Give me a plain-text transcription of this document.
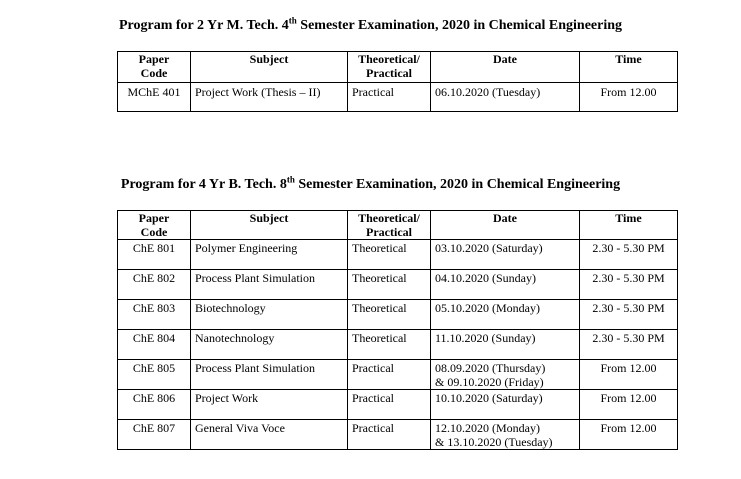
Program for 2 Yr M. Tech. 4th Semester Examination, 2020 in Chemical Engineering
Paper
Code	Subject	Theoretical/
Practical	Date	Time
MChE 401	Project Work (Thesis – II)	Practical	06.10.2020 (Tuesday)	From 12.00
Program for 4 Yr B. Tech. 8th Semester Examination, 2020 in Chemical Engineering
Paper
Code	Subject	Theoretical/
Practical	Date	Time
ChE 801	Polymer Engineering	Theoretical	03.10.2020 (Saturday)	2.30 - 5.30 PM
ChE 802	Process Plant Simulation	Theoretical	04.10.2020 (Sunday)	2.30 - 5.30 PM
ChE 803	Biotechnology	Theoretical	05.10.2020 (Monday)	2.30 - 5.30 PM
ChE 804	Nanotechnology	Theoretical	11.10.2020 (Sunday)	2.30 - 5.30 PM
ChE 805	Process Plant Simulation	Practical	08.09.2020 (Thursday)
& 09.10.2020 (Friday)	From 12.00
ChE 806	Project Work	Practical	10.10.2020 (Saturday)	From 12.00
ChE 807	General Viva Voce	Practical	12.10.2020 (Monday)
& 13.10.2020 (Tuesday)	From 12.00
